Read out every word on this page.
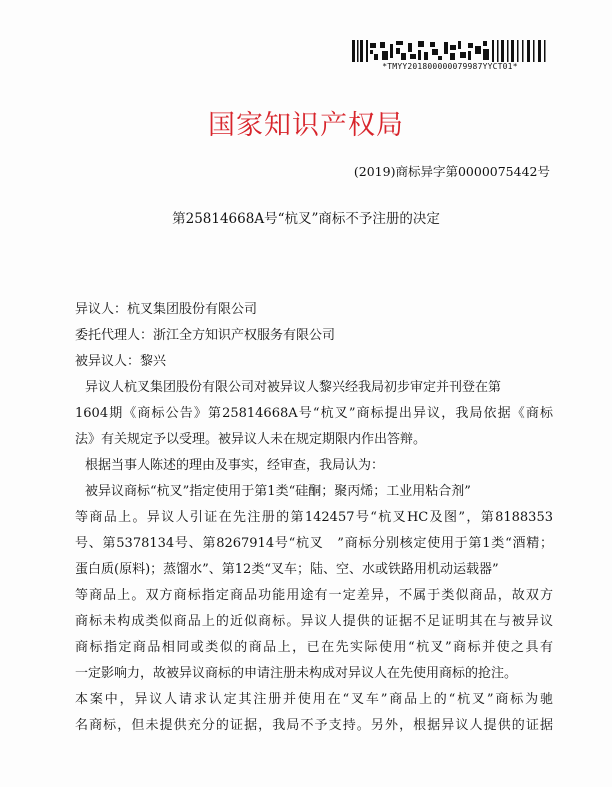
*TMYY201800000079987YYCT01*
国家知识产权局
(2019)商标异字第0000075442号
第25814668A号“杭叉”商标不予注册的决定
异议人：杭叉集团股份有限公司
委托代理人：浙江全方知识产权服务有限公司
被异议人：黎兴
异议人杭叉集团股份有限公司对被异议人黎兴经我局初步审定并刊登在第
1604期《商标公告》第25814668A号“杭叉”商标提出异议，我局依据《商标
法》有关规定予以受理。被异议人未在规定期限内作出答辩。
根据当事人陈述的理由及事实，经审查，我局认为：
被异议商标“杭叉”指定使用于第1类“硅酮；聚丙烯；工业用粘合剂”
等商品上。异议人引证在先注册的第142457号“杭叉HC及图”，第8188353
号、第5378134号、第8267914号“杭叉　”商标分别核定使用于第1类“酒精；
蛋白质(原料)；蒸馏水”、第12类“叉车；陆、空、水或铁路用机动运载器”
等商品上。双方商标指定商品功能用途有一定差异，不属于类似商品，故双方
商标未构成类似商品上的近似商标。异议人提供的证据不足证明其在与被异议
商标指定商品相同或类似的商品上，已在先实际使用“杭叉”商标并使之具有
一定影响力，故被异议商标的申请注册未构成对异议人在先使用商标的抢注。
本案中，异议人请求认定其注册并使用在“叉车”商品上的“杭叉”商标为驰
名商标，但未提供充分的证据，我局不予支持。另外，根据异议人提供的证据
